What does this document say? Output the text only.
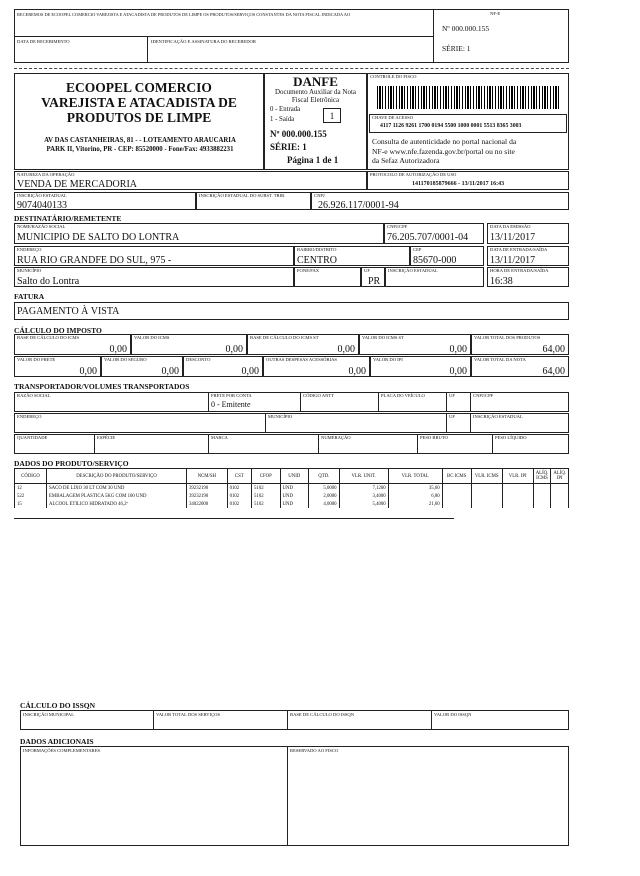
RECEBEMOS DE ECOOPEL COMERCIO VAREJISTA E ATACADISTA DE PRODUTOS DE LIMPE OS PRODUTOS/SERVIÇOS CONSTANTES DA NOTA FISCAL INDICADA AO	NF-E
Nº 000.000.155
SÉRIE: 1
DATA DE RECEBIMENTO	IDENTIFICAÇÃO E ASSINATURA DO RECEBEDOR
ECOOPEL COMERCIO
VAREJISTA E ATACADISTA DE
PRODUTOS DE LIMPE
AV DAS CASTANHEIRAS, 81 - - LOTEAMENTO ARAUCARIA
PARK II, Vitorino, PR - CEP: 85520000 - Fone/Fax: 4933882231
DANFE
Documento Auxiliar da Nota
Fiscal Eletrônica
0 - Entrada
1 - Saída	1
Nº 000.000.155
SÉRIE: 1
Página 1 de 1
CONTROLE DO FISCO
CHAVE DE ACESSO
4117 1126 9261 1700 0194 5500 1000 0001 5513 8365 3003
Consulta de autenticidade no portal nacional da
NF-e www.nfe.fazenda.gov.br/portal ou no site
da Sefaz Autorizadora
NATUREZA DA OPERAÇÃO
VENDA DE MERCADORIA
PROTOCOLO DE AUTORIZAÇÃO DE USO
141170185879666 - 13/11/2017 16:43
INSCRIÇÃO ESTADUAL
9074040133
INSCRIÇÃO ESTADUAL DO SUBST. TRIB.	CNPJ
26.926.117/0001-94
DESTINATÁRIO/REMETENTE
NOME/RAZÃO SOCIAL
MUNICIPIO DE SALTO DO LONTRA
CNPJ/CPF
76.205.707/0001-04
DATA DA EMISSÃO
13/11/2017
ENDEREÇO
RUA RIO GRANDFE DO SUL, 975 -
BAIRRO/DISTRITO
CENTRO
CEP
85670-000
DATA DE ENTRADA/SAÍDA
13/11/2017
MUNICÍPIO
Salto do Lontra
FONE/FAX	UF
PR
INSCRIÇÃO ESTADUAL	HORA DE ENTRADA/SAÍDA
16:38
FATURA
PAGAMENTO À VISTA
CÁLCULO DO IMPOSTO
BASE DE CÁLCULO DO ICMS
0,00
VALOR DO ICMS
0,00
BASE DE CÁLCULO DO ICMS ST
0,00
VALOR DO ICMS ST
0,00
VALOR TOTAL DOS PRODUTOS
64,00
VALOR DO FRETE
0,00
VALOR DO SEGURO
0,00
DESCONTO
0,00
OUTRAS DESPESAS ACESSÓRIAS
0,00
VALOR DO IPI
0,00
VALOR TOTAL DA NOTA
64,00
TRANSPORTADOR/VOLUMES TRANSPORTADOS
RAZÃO SOCIAL	FRETE POR CONTA
0 - Emitente
CÓDIGO ANTT	PLACA DO VEÍCULO	UF	CNPJ/CPF
ENDEREÇO	MUNICÍPIO	UF	INSCRIÇÃO ESTADUAL
QUANTIDADE	ESPÉCIE	MARCA	NUMERAÇÃO	PESO BRUTO	PESO LÍQUIDO
DADOS DO PRODUTO/SERVIÇO
CÓDIGO	DESCRIÇÃO DO PRODUTO/SERVIÇO	NCM/SH	CST	CFOP	UNID	QTD.	VLR. UNIT.	VLR. TOTAL	BC ICMS	VLR. ICMS	VLR. IPI	ALÍQ. ICMS	ALÍQ. IPI
12	SACO DE LIXO 30 LT COM 30 UND	39232190	0102	5102	UND	5,0000	7,1200	35,60					
522	EMBALAGEM PLASTICA 5KG COM 100 UND	39232190	0102	5102	UND	2,0000	3,4000	6,80					
15	ALCOOL ETILICO HIDRATADO 46,2º	34022000	0102	5102	UND	4,0000	5,4000	21,60					
CÁLCULO DO ISSQN
INSCRIÇÃO MUNICIPAL	VALOR TOTAL DOS SERVIÇOS	BASE DE CÁLCULO DO ISSQN	VALOR DO ISSQN
DADOS ADICIONAIS
INFORMAÇÕES COMPLEMENTARES	RESERVADO AO FISCO
